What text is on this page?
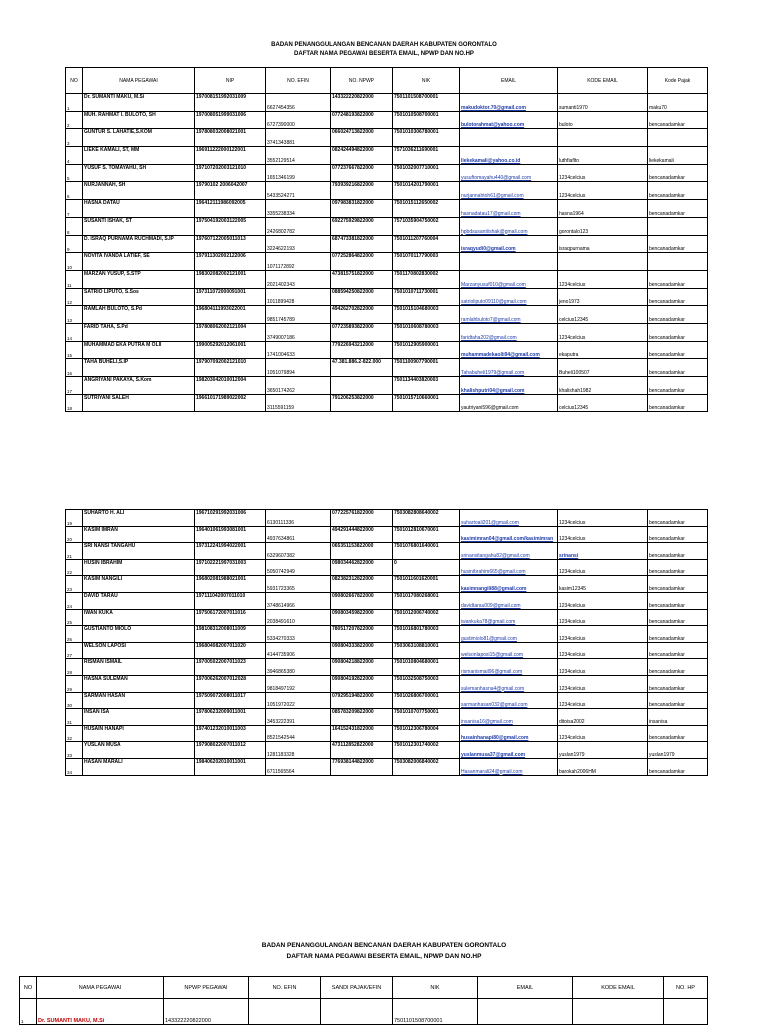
BADAN PENANGGULANGAN BENCANAN DAERAH KABUPATEN GORONTALO
DAFTAR NAMA PEGAWAI BESERTA EMAIL, NPWP DAN NO.HP
NO	NAMA PEGAWAI	NIP	NO. EFIN	NO. NPWP	NIK	EMAIL	KODE EMAIL	Kode Pajak
1	Dr. SUMANTI MAKU, M.Si	197008151992031009	6627454356	143322220822000	7501101508700001	makudoktor.70@gmail.com	sumanti1970	maku70
2	MUH. RAHMAT I. BULOTO, SH	197008051999031006	6727390000	077248193822000	7501010508700001	bulotorahmat@yahoo.com	buloto	bencanadamkar
3	GUNTUR S. LAHATIE,S.KOM	197808032008021001	3741343881	066024713822000	7501010306780001			
4	LIEKE KAMALI, ST, MM	196911222000122001	3552129514	082424494822000	7571036211690001	liekekamali@yahoo.co.id	luthfiaflto	liekekamali
5	YUSUF S. TOMAYAHU, SH	197107202003121010	1651346199	077237667822000	7501032007710001	yusuftomayahu440@gmail.com	1234celcius	bencanadamkar
6	NURJANNAH, SH	19790102 2006042007	5433524271	793939216822000	7501014201790001	nurjannahtoh61@gmail.com	1234celcius	bencanadamkar
7	HASNA DATAU	196412111986092005	3355238334	097983831822000	7501015112650002	hasnadatau17@gmail.com	hasna1964	bencanadamkar
8	SUSANTI ISHAK, ST	197504192003122005	2426802782	692275929822000	7571035904750002	hpbdsusantiishak@gmail.com	gorontalo123	
9	D. ISRAQ PURNAMA RUCHMADI, S.IP	197607122005011013	3224622193	687473381822000	7501011207760004	israqyudi0@gmail.com	israqpurnama	bencanadamkar
10	NOVITA IVANDA LATIEF, SE	197911302002122006	1071172892	077252864822000	7501070117790003			
11	MARZAN YUSUP, S.STP	198302082002121001	2021402343	473815751822000	7501170802830002	Marzanyusuf010@gmail.com	1234celcius	bencanadamkar
12	SATRIO LIPUTO, S.Sos	197311072000091001	1011899428	088594250822000	7501010711730001	satrioliputo09110@gmail.com	jeno1973	bencanadamkar
13	RAMLAH BULOTO, S.Pd	196804111993022001	9851745789	494262702822000	7501015104680003	ramlahbuloto7@gmail.com	celcius12345	bencanadamkar
14	FARID TAHA, S.Pd	197808062002121004	3749007186	077235893822000	7501010608780003	faridtaha202@gmail.com	1234celcius	bencanadamkar
15	MUHAMMAD EKA PUTRA M OLII	199005292012061001	1741004633	779226943212000	7501012905900001	muhammadekaolii94@gmail.com	ekaputra	bencanadamkar
16	TAHA BUHELI,S.IP	197907092002121010	1051079894	47.381.886.2-822.000	7501100907790001	Tahabuheli1979@gmail.com	Buheli100507	bencanadamkar
17	ANGRIYANI PAKAYA, S.Kom	198203042010012004	3650174262		7501134403820003	khalishputri04@gmail.com	khalishah1982	bencanadamkar
18	SUTRIYANI SALEH	196610171989022002	3115591159	791206253822000	7501015710660001	yautriyani596@gmail.com	celcius12345	bencanadamkar
19	SUHARTO H. ALI	196710291992031006	6130111336	077225761822000	7503082808640002	suhartoali201@gmail.com	1234celcius	bencanadamkar
20	KASIM IMRAN	196401061993081001	4937634861	494291444822000	7501012810670001	kasimimran04@gmail.com/kasimimran	1234celcius	bencanadamkar
21	SRI NANSI TANGAHU	197312241994022001	6329607382	065351153822000	7501076801640001	srinansitangahu82@gmail.com	srinansi	bencanadamkar
22	HUSIN IBRAHIM	197102221997031003	5050742949	098034462822000	0	husinibrahim665@gmail.com	1234celcius	bencanadamkar
23	KASIM NANGILI	196802081988021001	5931723365	082382312822000	7501011601620001	kasimnangili88@gmail.com	kasim12345	bencanadamkar
24	DAVID TARAU	197111042007011010	3748614966	090802667822000	7501017080268001	davidtarau009@gmail.com	1234celcius	bencanadamkar
25	IWAN KUKA	197506172007011016	2038491610	090803459822000	7501012006740002	iwankuka78@gmail.com	1234celcius	bencanadamkar
26	GUSTIANTO MIOLO	198108312008011009	5334270333	780517207822000	7501016801780003	gustimiolo81@gmail.com	1234celcius	bencanadamkar
27	WELSON LAPOSI	196804082007011020	4144735906	090804333822000	7503063108810001	welsonlaposi15@gmail.com	1234celcius	bencanadamkar
28	RISMAN ISMAIL	197005022007011023	3946865380	090804218822000	7501010804680001	rismanismail96@gmail.com	1234celcius	bencanadamkar
29	HASNA SULEMAN	197006262007012028	9818497192	090804192822000	7501032508750003	sulemanhasna4@gmail.com	1234celcius	bencanadamkar
30	SARMAN HASAN	197509072008011017	1051972022	079295194822000	7501026806700001	sarmanhasan032@gmail.com	1234celcius	bencanadamkar
31	INSAN ISA	197806232009011001	3453222391	085783209822000	7501010707750001	insanisa16@gmail.com	ditoisa2002	insanisa
32	HUSAIN HANAPI	197401232010011003	8521542544	164152431822000	7501012306780004	husainhanapi80@gmail.com	1234celcius	bencanadamkar
33	YUSLAN MUSA	197908022007011012	1281183328	473112852822000	7501012301740002	yuslanmusa37@gmail.com	yuslan1979	yuslan1979
34	HASAN MARALI	198406202010011001	6711565564	776938144822000	7503082006840002	Hasanmarali24@gmail.com	barokah2006HM	bencanadamkar
BADAN PENANGGULANGAN BENCANAN DAERAH KABUPATEN GORONTALO
DAFTAR NAMA PEGAWAI BESERTA EMAIL, NPWP DAN NO.HP
NO	NAMA PEGAWAI	NPWP PEGAWAI	NO. EFIN	SANDI PAJAK/EFIN	NIK	EMAIL	KODE EMAIL	NO. HP
1	Dr. SUMANTI MAKU, M.Si	143322220822000			7501101508700001			
